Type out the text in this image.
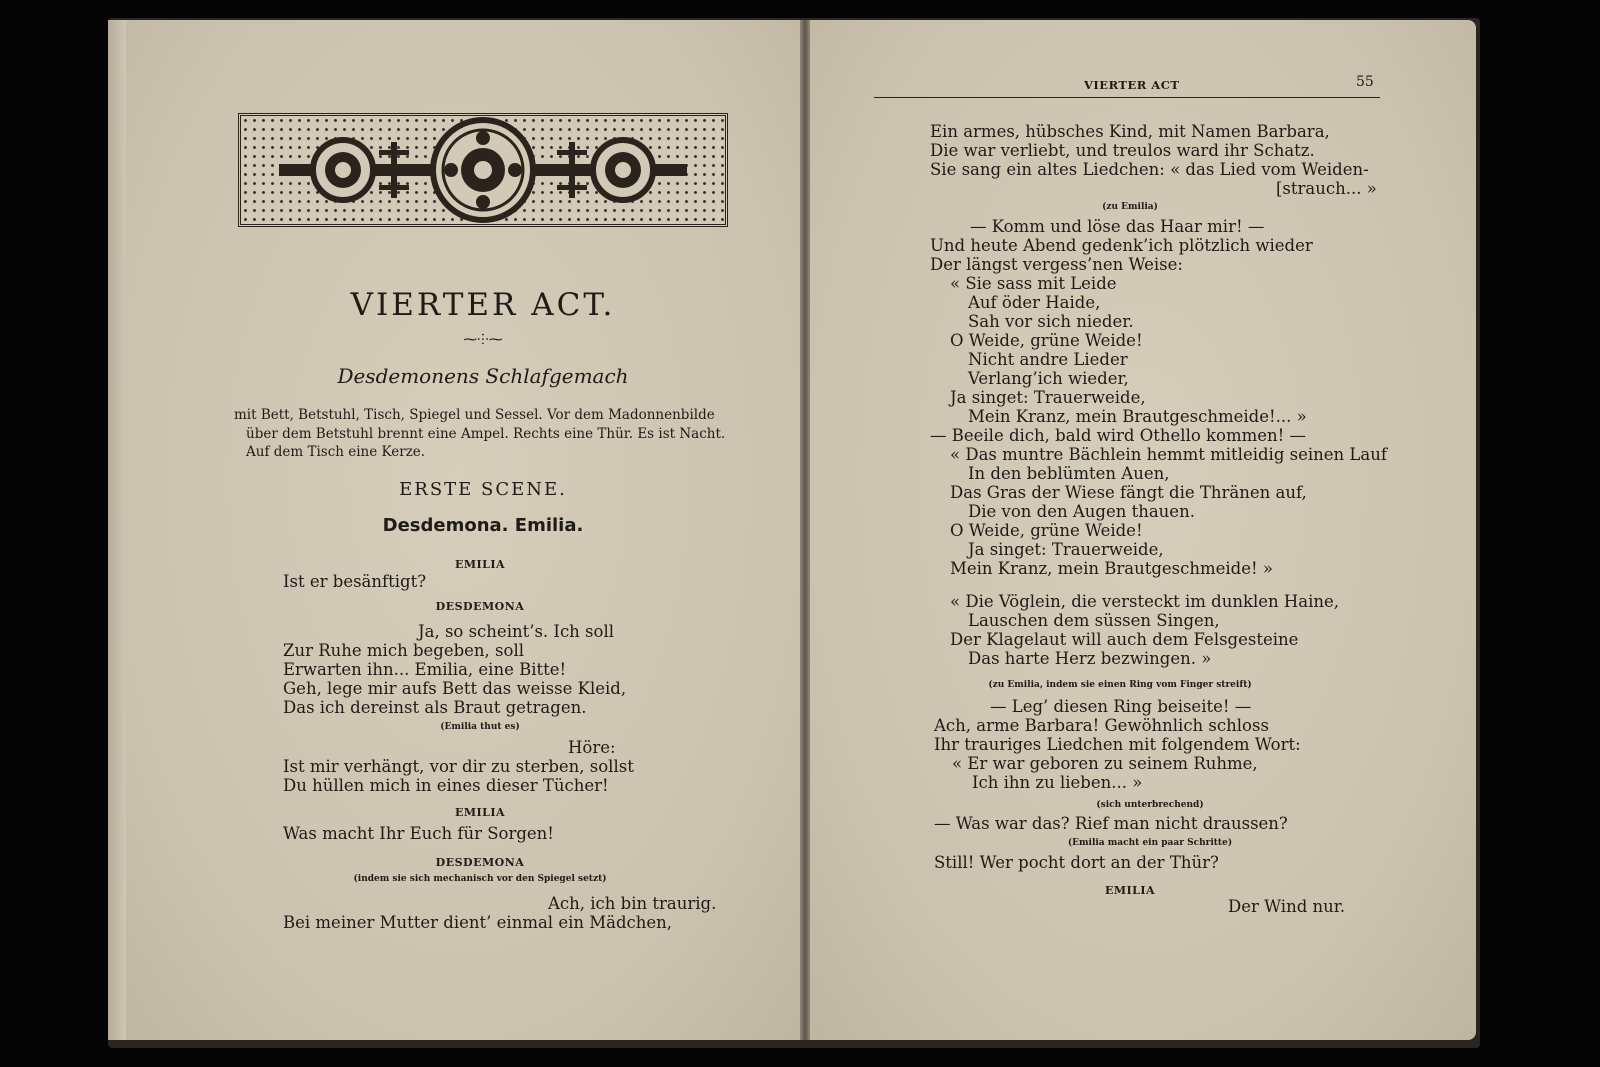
VIERTER ACT.
⁓⸭⁓
Desdemonens Schlafgemach
mit Bett, Betstuhl, Tisch, Spiegel und Sessel. Vor dem Madonnenbilde
über dem Betstuhl brennt eine Ampel. Rechts eine Thür. Es ist Nacht.
Auf dem Tisch eine Kerze.
ERSTE SCENE.
Desdemona. Emilia.
EMILIA
Ist er besänftigt?
DESDEMONA
Ja, so scheint’s. Ich soll
Zur Ruhe mich begeben, soll
Erwarten ihn... Emilia, eine Bitte!
Geh, lege mir aufs Bett das weisse Kleid,
Das ich dereinst als Braut getragen.
(Emilia thut es)
Höre:
Ist mir verhängt, vor dir zu sterben, sollst
Du hüllen mich in eines dieser Tücher!
EMILIA
Was macht Ihr Euch für Sorgen!
DESDEMONA
(indem sie sich mechanisch vor den Spiegel setzt)
Ach, ich bin traurig.
Bei meiner Mutter dient’ einmal ein Mädchen,
VIERTER ACT	55
Ein armes, hübsches Kind, mit Namen Barbara,
Die war verliebt, und treulos ward ihr Schatz.
Sie sang ein altes Liedchen: « das Lied vom Weiden-
[strauch... »
(zu Emilia)
— Komm und löse das Haar mir! —
Und heute Abend gedenk’ich plötzlich wieder
Der längst vergess’nen Weise:
« Sie sass mit Leide
Auf öder Haide,
Sah vor sich nieder.
O Weide, grüne Weide!
Nicht andre Lieder
Verlang’ich wieder,
Ja singet: Trauerweide,
Mein Kranz, mein Brautgeschmeide!... »
— Beeile dich, bald wird Othello kommen! —
« Das muntre Bächlein hemmt mitleidig seinen Lauf
In den beblümten Auen,
Das Gras der Wiese fängt die Thränen auf,
Die von den Augen thauen.
O Weide, grüne Weide!
Ja singet: Trauerweide,
Mein Kranz, mein Brautgeschmeide! »
« Die Vöglein, die versteckt im dunklen Haine,
Lauschen dem süssen Singen,
Der Klagelaut will auch dem Felsgesteine
Das harte Herz bezwingen. »
(zu Emilia, indem sie einen Ring vom Finger streift)
— Leg’ diesen Ring beiseite! —
Ach, arme Barbara! Gewöhnlich schloss
Ihr trauriges Liedchen mit folgendem Wort:
« Er war geboren zu seinem Ruhme,
Ich ihn zu lieben... »
(sich unterbrechend)
— Was war das? Rief man nicht draussen?
(Emilia macht ein paar Schritte)
Still! Wer pocht dort an der Thür?
EMILIA
Der Wind nur.
